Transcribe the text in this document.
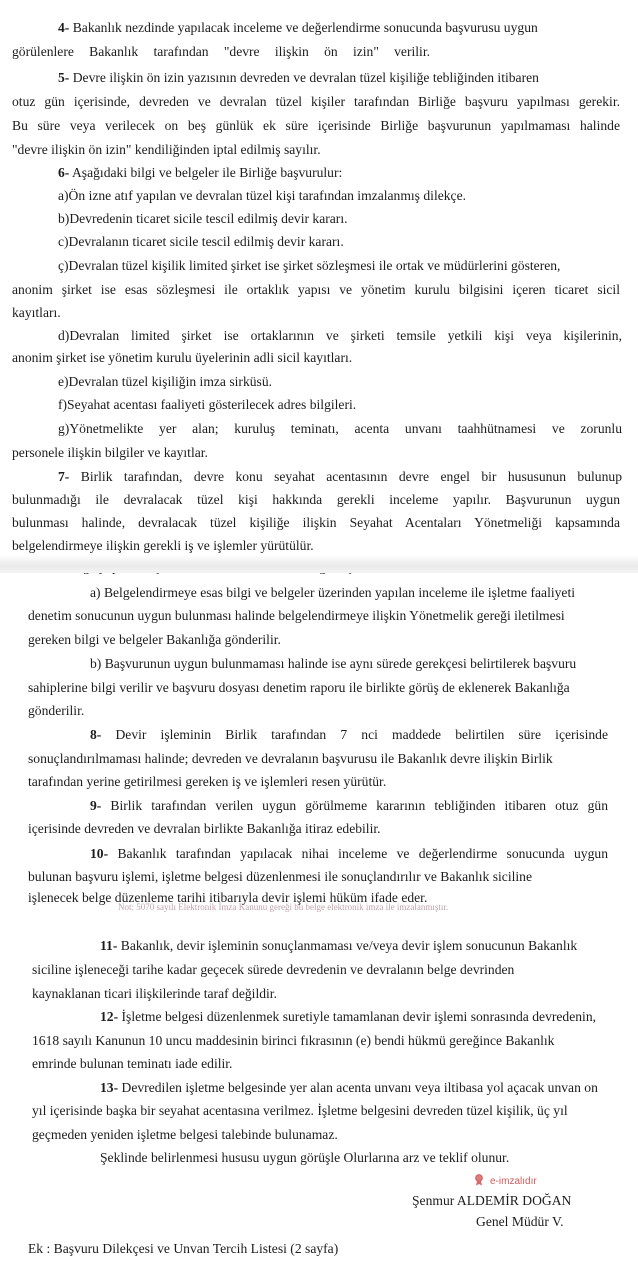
4- Bakanlık nezdinde yapılacak inceleme ve değerlendirme sonucunda başvurusu uygun
görülenlere Bakanlık tarafından "devre ilişkin ön izin" verilir.
5- Devre ilişkin ön izin yazısının devreden ve devralan tüzel kişiliğe tebliğinden itibaren
otuz gün içerisinde, devreden ve devralan tüzel kişiler tarafından Birliğe başvuru yapılması gerekir.
Bu süre veya verilecek on beş günlük ek süre içerisinde Birliğe başvurunun yapılmaması halinde
"devre ilişkin ön izin" kendiliğinden iptal edilmiş sayılır.
6- Aşağıdaki bilgi ve belgeler ile Birliğe başvurulur:
a)Ön izne atıf yapılan ve devralan tüzel kişi tarafından imzalanmış dilekçe.
b)Devredenin ticaret sicile tescil edilmiş devir kararı.
c)Devralanın ticaret sicile tescil edilmiş devir kararı.
ç)Devralan tüzel kişilik limited şirket ise şirket sözleşmesi ile ortak ve müdürlerini gösteren,
anonim şirket ise esas sözleşmesi ile ortaklık yapısı ve yönetim kurulu bilgisini içeren ticaret sicil
kayıtları.
d)Devralan limited şirket ise ortaklarının ve şirketi temsile yetkili kişi veya kişilerinin,
anonim şirket ise yönetim kurulu üyelerinin adli sicil kayıtları.
e)Devralan tüzel kişiliğin imza sirküsü.
f)Seyahat acentası faaliyeti gösterilecek adres bilgileri.
g)Yönetmelikte yer alan; kuruluş teminatı, acenta unvanı taahhütnamesi ve zorunlu
personele ilişkin bilgiler ve kayıtlar.
7- Birlik tarafından, devre konu seyahat acentasının devre engel bir hususunun bulunup
bulunmadığı ile devralacak tüzel kişi hakkında gerekli inceleme yapılır. Başvurunun uygun
bulunması halinde, devralacak tüzel kişiliğe ilişkin Seyahat Acentaları Yönetmeliği kapsamında
belgelendirmeye ilişkin gerekli iş ve işlemler yürütülür.
a) Belgelendirmeye esas bilgi ve belgeler üzerinden yapılan inceleme ile işletme faaliyeti
denetim sonucunun uygun bulunması halinde belgelendirmeye ilişkin Yönetmelik gereği iletilmesi
gereken bilgi ve belgeler Bakanlığa gönderilir.
b) Başvurunun uygun bulunmaması halinde ise aynı sürede gerekçesi belirtilerek başvuru
sahiplerine bilgi verilir ve başvuru dosyası denetim raporu ile birlikte görüş de eklenerek Bakanlığa
gönderilir.
8- Devir işleminin Birlik tarafından 7 nci maddede belirtilen süre içerisinde
sonuçlandırılmaması halinde; devreden ve devralanın başvurusu ile Bakanlık devre ilişkin Birlik
tarafından yerine getirilmesi gereken iş ve işlemleri resen yürütür.
9- Birlik tarafından verilen uygun görülmeme kararının tebliğinden itibaren otuz gün
içerisinde devreden ve devralan birlikte Bakanlığa itiraz edebilir.
10- Bakanlık tarafından yapılacak nihai inceleme ve değerlendirme sonucunda uygun
bulunan başvuru işlemi, işletme belgesi düzenlenmesi ile sonuçlandırılır ve Bakanlık siciline
işlenecek belge düzenleme tarihi itibarıyla devir işlemi hüküm ifade eder.
Not: 5070 sayılı Elektronik İmza Kanunu gereği bu belge elektronik imza ile imzalanmıştır.
11- Bakanlık, devir işleminin sonuçlanmaması ve/veya devir işlem sonucunun Bakanlık
siciline işleneceği tarihe kadar geçecek sürede devredenin ve devralanın belge devrinden
kaynaklanan ticari ilişkilerinde taraf değildir.
12- İşletme belgesi düzenlenmek suretiyle tamamlanan devir işlemi sonrasında devredenin,
1618 sayılı Kanunun 10 uncu maddesinin birinci fıkrasının (e) bendi hükmü gereğince Bakanlık
emrinde bulunan teminatı iade edilir.
13- Devredilen işletme belgesinde yer alan acenta unvanı veya iltibasa yol açacak unvan on
yıl içerisinde başka bir seyahat acentasına verilmez. İşletme belgesini devreden tüzel kişilik, üç yıl
geçmeden yeniden işletme belgesi talebinde bulunamaz.
Şeklinde belirlenmesi hususu uygun görüşle Olurlarına arz ve teklif olunur.
e-imzalıdır
Şenmur ALDEMİR DOĞAN
Genel Müdür V.
Ek : Başvuru Dilekçesi ve Unvan Tercih Listesi (2 sayfa)
